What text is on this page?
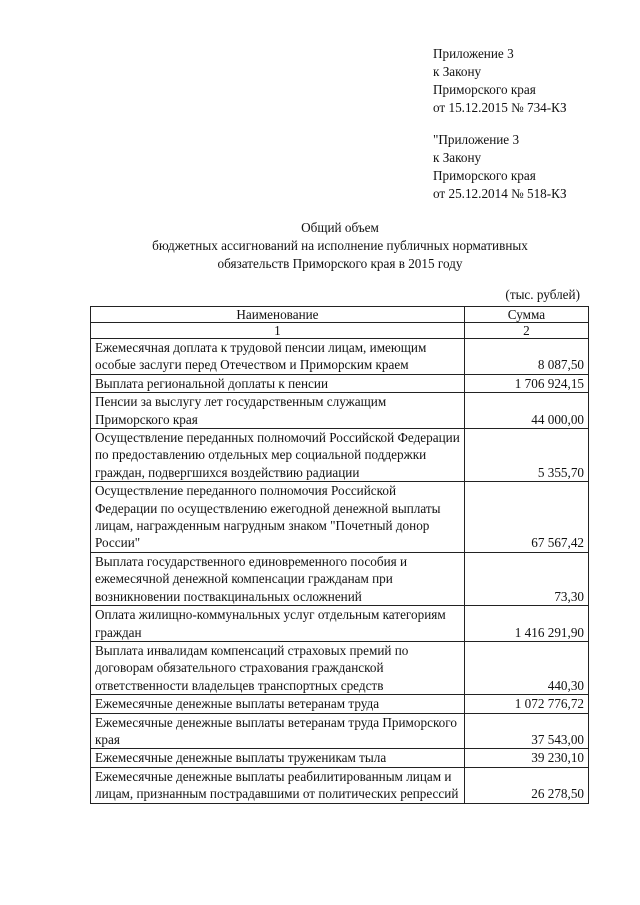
Приложение 3
к Закону
Приморского края
от 15.12.2015 № 734-КЗ
"Приложение 3
к Закону
Приморского края
от 25.12.2014 № 518-КЗ
Общий объем
бюджетных ассигнований на исполнение публичных нормативных
обязательств Приморского края в 2015 году
(тыс. рублей)
Наименование	Сумма
1	2
Ежемесячная доплата к трудовой пенсии лицам, имеющим особые заслуги перед Отечеством и Приморским краем	8 087,50
Выплата региональной доплаты к пенсии	1 706 924,15
Пенсии за выслугу лет государственным служащим Приморского края	44 000,00
Осуществление переданных полномочий Российской Федерации по предоставлению отдельных мер социальной поддержки граждан, подвергшихся воздействию радиации	5 355,70
Осуществление переданного полномочия Российской Федерации по осуществлению ежегодной денежной выплаты лицам, награжденным нагрудным знаком "Почетный донор России"	67 567,42
Выплата государственного единовременного пособия и ежемесячной денежной компенсации гражданам при возникновении поствакцинальных осложнений	73,30
Оплата жилищно-коммунальных услуг отдельным категориям граждан	1 416 291,90
Выплата инвалидам компенсаций страховых премий по договорам обязательного страхования гражданской ответственности владельцев транспортных средств	440,30
Ежемесячные денежные выплаты ветеранам труда	1 072 776,72
Ежемесячные денежные выплаты ветеранам труда Приморского края	37 543,00
Ежемесячные денежные выплаты труженикам тыла	39 230,10
Ежемесячные денежные выплаты реабилитированным лицам и лицам, признанным пострадавшими от политических репрессий	26 278,50
